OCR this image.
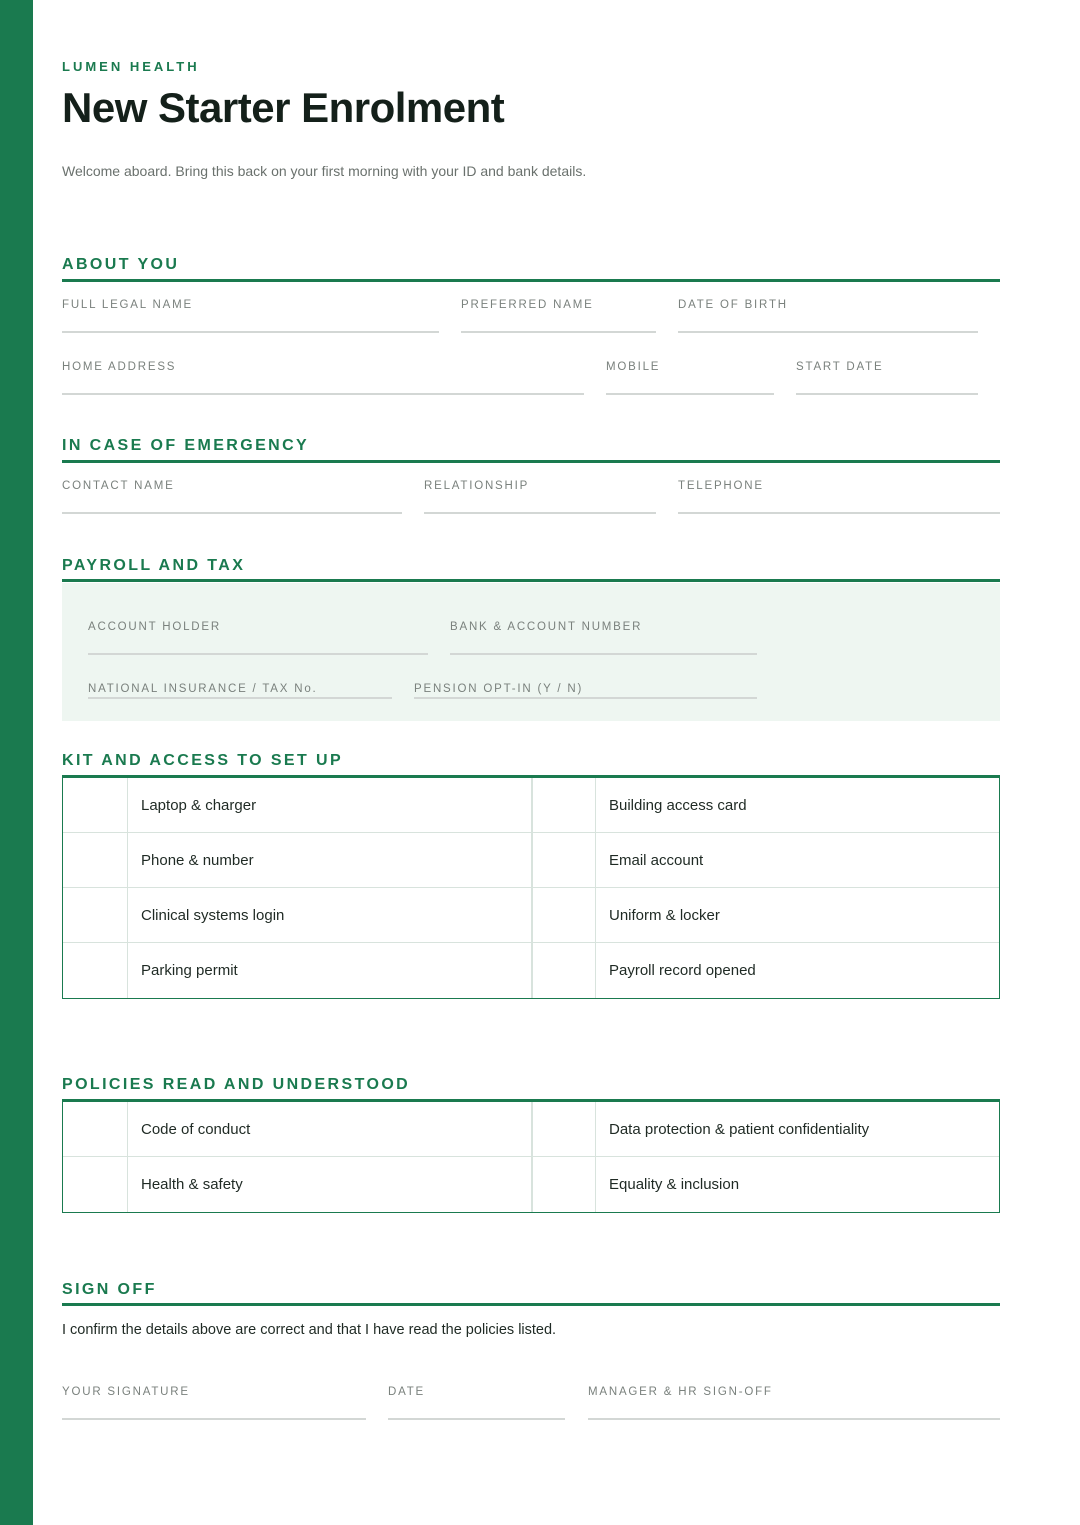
LUMEN HEALTH
New Starter Enrolment

Welcome aboard. Bring this back on your first morning with your ID and bank details.

ABOUT YOU
FULL LEGAL NAME	PREFERRED NAME	DATE OF BIRTH
HOME ADDRESS	MOBILE	START DATE
IN CASE OF EMERGENCY
CONTACT NAME	RELATIONSHIP	TELEPHONE
PAYROLL AND TAX
ACCOUNT HOLDER	BANK & ACCOUNT NUMBER
NATIONAL INSURANCE / TAX No.	PENSION OPT-IN (Y / N)
KIT AND ACCESS TO SET UP
Laptop & charger	Building access card
Phone & number	Email account
Clinical systems login	Uniform & locker
Parking permit	Payroll record opened
POLICIES READ AND UNDERSTOOD
Code of conduct	Data protection & patient confidentiality
Health & safety	Equality & inclusion
SIGN OFF

I confirm the details above are correct and that I have read the policies listed.

YOUR SIGNATURE	DATE	MANAGER & HR SIGN-OFF
